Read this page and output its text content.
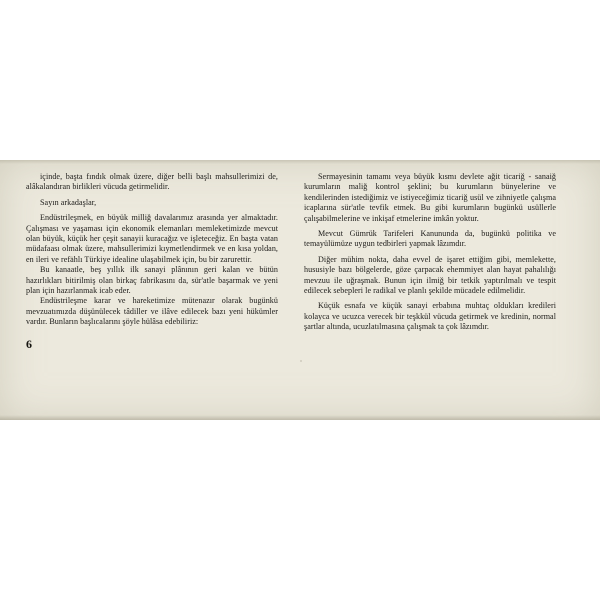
içinde, başta fındık olmak üzere, diğer belli başlı mahsullerimizi de, alâkalandıran birlikleri vücuda getirmelidir.

Sayın arkadaşlar,

Endüstrileşmek, en büyük milliğ davalarımız arasında yer almaktadır. Çalışması ve yaşaması için ekonomik elemanları memleketimizde mevcut olan büyük, küçük her çeşit sanayii kuracağız ve işleteceğiz. En başta vatan müdafaası olmak üzere, mahsullerimizi kıymetlendirmek ve en kısa yoldan, en ileri ve refahlı Türkiye idealine ulaşabilmek için, bu bir zarurettir.

Bu kanaatle, beş yıllık ilk sanayi plânının geri kalan ve bütün hazırlıkları bitirilmiş olan birkaç fabrikasını da, sür'atle başarmak ve yeni plan için hazırlanmak icab eder.

Endüstrileşme karar ve hareketimize mütenazır olarak bugünkü mevzuatımızda düşünülecek tâdiller ve ilâve edilecek bazı yeni hükümler vardır. Bunların başlıcalarını şöyle hülâsa edebiliriz:

6

Sermayesinin tamamı veya büyük kısmı devlete ağit ticariğ - sanaiğ kurumların maliğ kontrol şeklini; bu kurumların bünyelerine ve kendilerinden istediğimiz ve istiyeceğimiz ticariğ usül ve zihniyetle çalışma icaplarına sür'atle tevfik etmek. Bu gibi kurumların bugünkü usüllerle çalışabilmelerine ve inkişaf etmelerine imkân yoktur.

Mevcut Gümrük Tarifeleri Kanununda da, bugünkü politika ve temayülümüze uygun tedbirleri yapmak lâzımdır.

Diğer mühim nokta, daha evvel de işaret ettiğim gibi, memlekette, hususiyle bazı bölgelerde, göze çarpacak ehemmiyet alan hayat pahalılığı mevzuu ile uğraşmak. Bunun için ilmiğ bir tetkik yaptırılmalı ve tespit edilecek sebepleri le radikal ve planlı şekilde mücadele edilmelidir.

Küçük esnafa ve küçük sanayi erbabına muhtaç oldukları kredileri kolayca ve ucuzca verecek bir teşkkül vücuda getirmek ve kredinin, normal şartlar altında, ucuzlatılmasına çalışmak ta çok lâzımdır.
